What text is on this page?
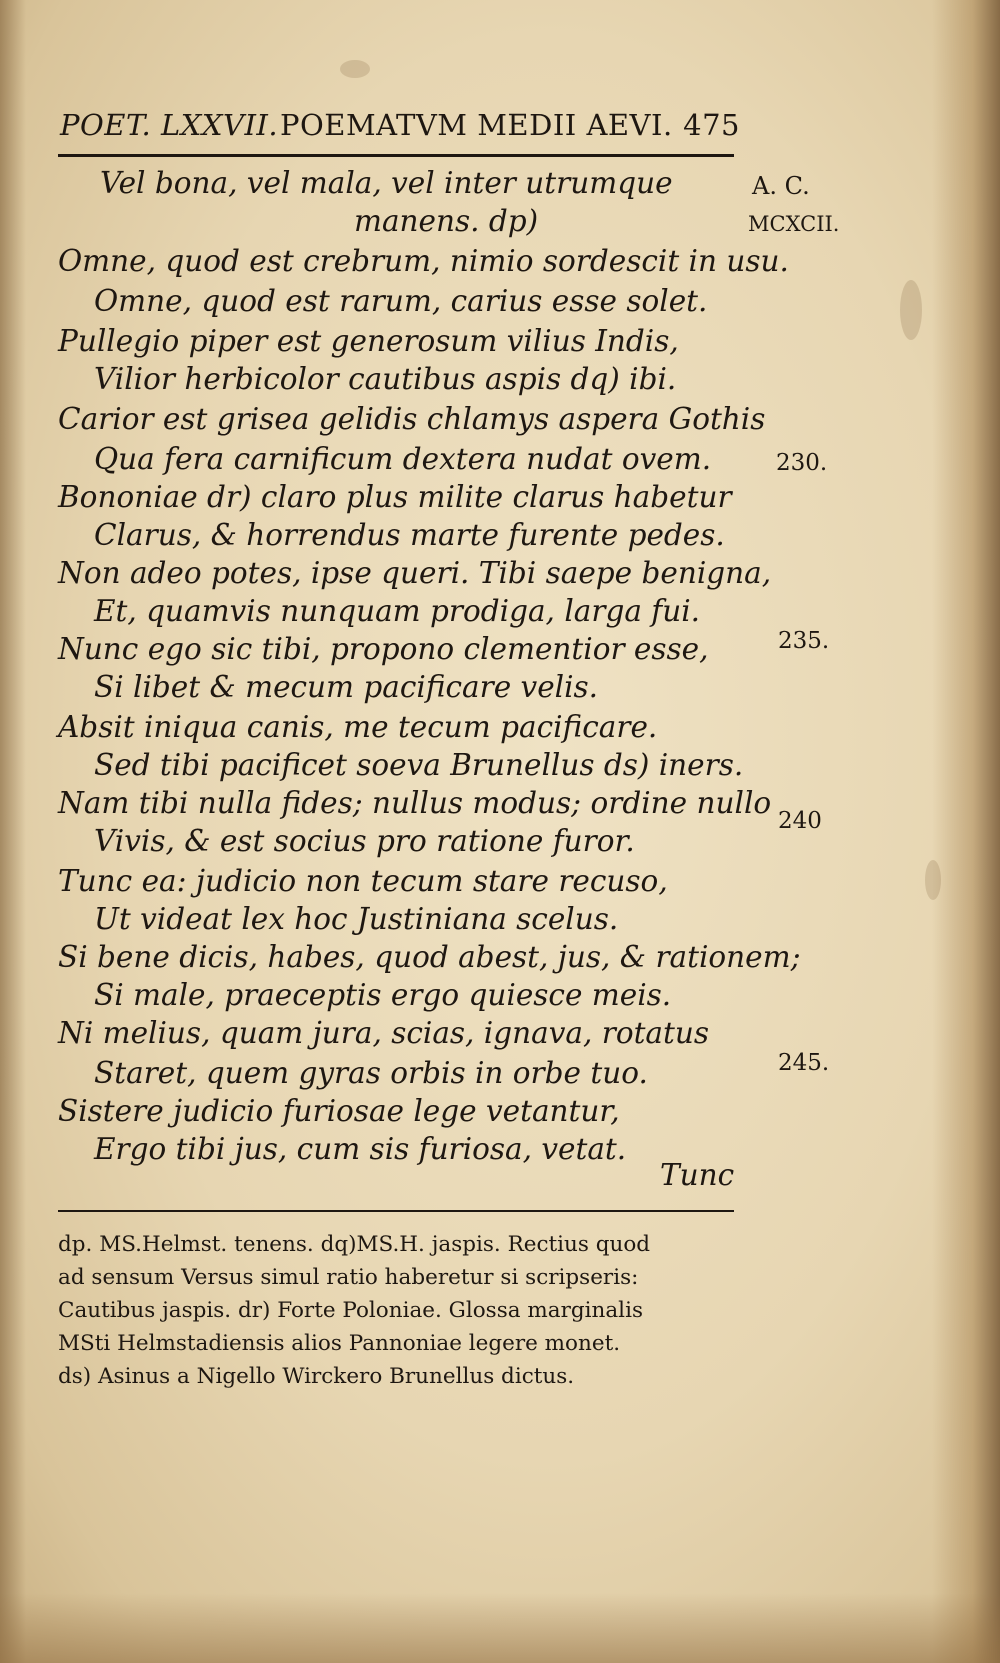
POET. LXXVII. POEMATVM MEDII AEVI. 475
A. C.
MCXCII.
230.
235.
240
245.
Vel bona, vel mala, vel inter utrumque
manens. dp)
Omne, quod est crebrum, nimio sordescit in usu.
Omne, quod est rarum, carius esse solet.
Pullegio piper est generosum vilius Indis,
Vilior herbicolor cautibus aspis dq) ibi.
Carior est grisea gelidis chlamys aspera Gothis
Qua fera carnificum dextera nudat ovem.
Bononiae dr) claro plus milite clarus habetur
Clarus, & horrendus marte furente pedes.
Non adeo potes, ipse queri. Tibi saepe benigna,
Et, quamvis nunquam prodiga, larga fui.
Nunc ego sic tibi, propono clementior esse,
Si libet & mecum pacificare velis.
Absit iniqua canis, me tecum pacificare.
Sed tibi pacificet soeva Brunellus ds) iners.
Nam tibi nulla fides; nullus modus; ordine nullo
Vivis, & est socius pro ratione furor.
Tunc ea: judicio non tecum stare recuso,
Ut videat lex hoc Justiniana scelus.
Si bene dicis, habes, quod abest, jus, & rationem;
Si male, praeceptis ergo quiesce meis.
Ni melius, quam jura, scias, ignava, rotatus
Staret, quem gyras orbis in orbe tuo.
Sistere judicio furiosae lege vetantur,
Ergo tibi jus, cum sis furiosa, vetat.
Tunc
dp. MS.Helmst. tenens. dq)MS.H. jaspis. Rectius quod
ad sensum Versus simul ratio haberetur si scripseris:
Cautibus jaspis. dr) Forte Poloniae. Glossa marginalis
MSti Helmstadiensis alios Pannoniae legere monet.
ds) Asinus a Nigello Wirckero Brunellus dictus.
